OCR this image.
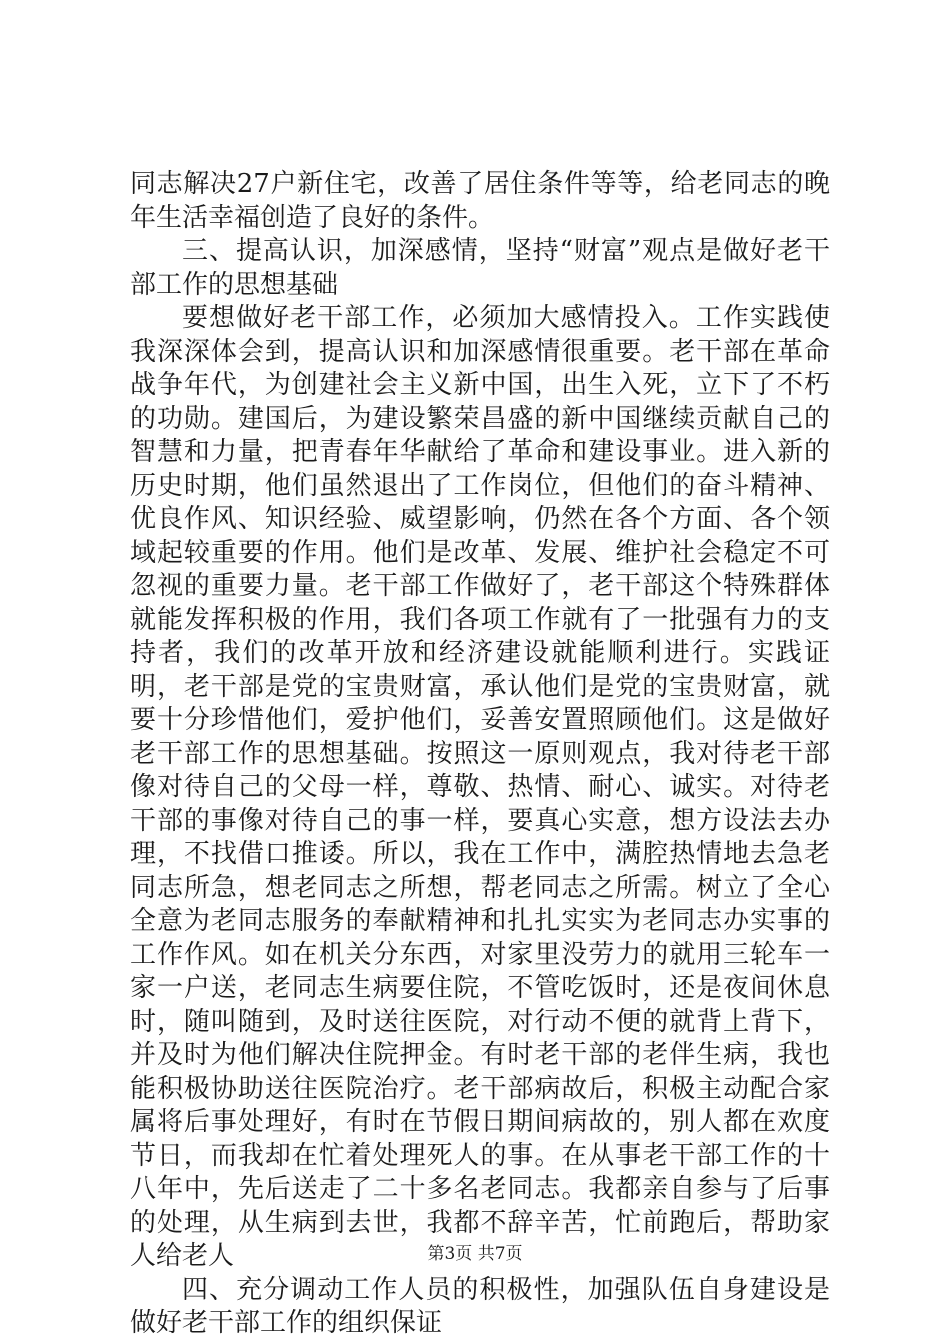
同志解决27户新住宅，改善了居住条件等等，给老同志的晚年生活幸福创造了良好的条件。

三、提高认识，加深感情，坚持“财富”观点是做好老干部工作的思想基础

要想做好老干部工作，必须加大感情投入。工作实践使我深深体会到，提高认识和加深感情很重要。老干部在革命战争年代，为创建社会主义新中国，出生入死，立下了不朽的功勋。建国后，为建设繁荣昌盛的新中国继续贡献自己的智慧和力量，把青春年华献给了革命和建设事业。进入新的历史时期，他们虽然退出了工作岗位，但他们的奋斗精神、优良作风、知识经验、威望影响，仍然在各个方面、各个领域起较重要的作用。他们是改革、发展、维护社会稳定不可忽视的重要力量。老干部工作做好了，老干部这个特殊群体就能发挥积极的作用，我们各项工作就有了一批强有力的支持者，我们的改革开放和经济建设就能顺利进行。实践证明，老干部是党的宝贵财富，承认他们是党的宝贵财富，就要十分珍惜他们，爱护他们，妥善安置照顾他们。这是做好老干部工作的思想基础。按照这一原则观点，我对待老干部像对待自己的父母一样，尊敬、热情、耐心、诚实。对待老干部的事像对待自己的事一样，要真心实意，想方设法去办理，不找借口推诿。所以，我在工作中，满腔热情地去急老同志所急，想老同志之所想，帮老同志之所需。树立了全心全意为老同志服务的奉献精神和扎扎实实为老同志办实事的工作作风。如在机关分东西，对家里没劳力的就用三轮车一家一户送，老同志生病要住院，不管吃饭时，还是夜间休息时，随叫随到，及时送往医院，对行动不便的就背上背下，并及时为他们解决住院押金。有时老干部的老伴生病，我也能积极协助送往医院治疗。老干部病故后，积极主动配合家属将后事处理好，有时在节假日期间病故的，别人都在欢度节日，而我却在忙着处理死人的事。在从事老干部工作的十八年中，先后送走了二十多名老同志。我都亲自参与了后事的处理，从生病到去世，我都不辞辛苦，忙前跑后，帮助家人给老人

四、充分调动工作人员的积极性，加强队伍自身建设是做好老干部工作的组织保证

第3页 共7页
